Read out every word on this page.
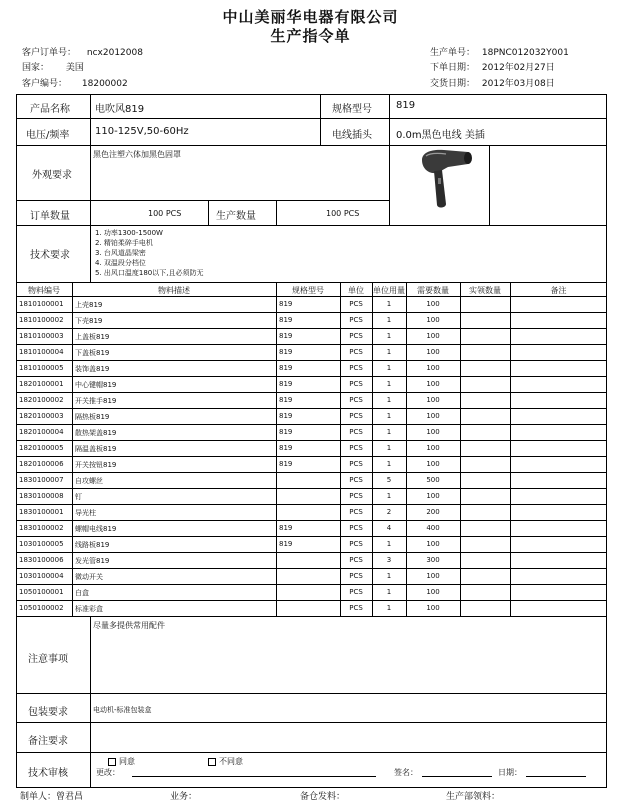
中山美丽华电器有限公司
生产指令单
客户订单号： ncx2012008
国家： 美国
客户编号： 18200002
生产单号： 18PNC012032Y001
下单日期： 2012年02月27日
交货日期： 2012年03月08日
产品名称	电吹风819	规格型号 819
电压/频率	110-125V,50-60Hz	电线插头 0.0m黑色电线 美插
外观要求
黑色注塑六体加黑色固罩
订单数量	100 PCS	生产数量	100 PCS
技术要求
1. 功率1300-1500W
2. 精铂柔碎手电机
3. 台风道晶梁密
4. 双温段分档位
5. 出风口温度180以下,且必须防无
物料编号	物料描述	规格型号	单位	单位用量	需要数量	实领数量	备注
1810100001	上壳819	819	PCS	1	100
1810100002	下壳819	819	PCS	1	100
1810100003	上盖板819	819	PCS	1	100
1810100004	下盖板819	819	PCS	1	100
1810100005	装饰盖819	819	PCS	1	100
1820100001	中心键帽819	819	PCS	1	100
1820100002	开关推手819	819	PCS	1	100
1820100003	隔热板819	819	PCS	1	100
1820100004	散热架盖819	819	PCS	1	100
1820100005	隔温盖板819	819	PCS	1	100
1820100006	开关按钮819	819	PCS	1	100
1830100007	自攻螺丝	PCS	5	500
1830100008	钉	PCS	1	100
1830100001	导光柱	PCS	2	200
1830100002	螺帽电线819	819	PCS	4	400
1030100005	线路板819	819	PCS	1	100
1830100006	发光管819	PCS	3	300
1030100004	微动开关	PCS	1	100
1050100001	白盒	PCS	1	100
1050100002	标准彩盒	PCS	1	100
注意事项
尽量多提供常用配件
包装要求	电动机-标准包装盒
备注要求
技术审核
同意	不同意
更改：	签名：	日期：
制单人：曾君昌	业务：	备仓发料：	生产部领料：
